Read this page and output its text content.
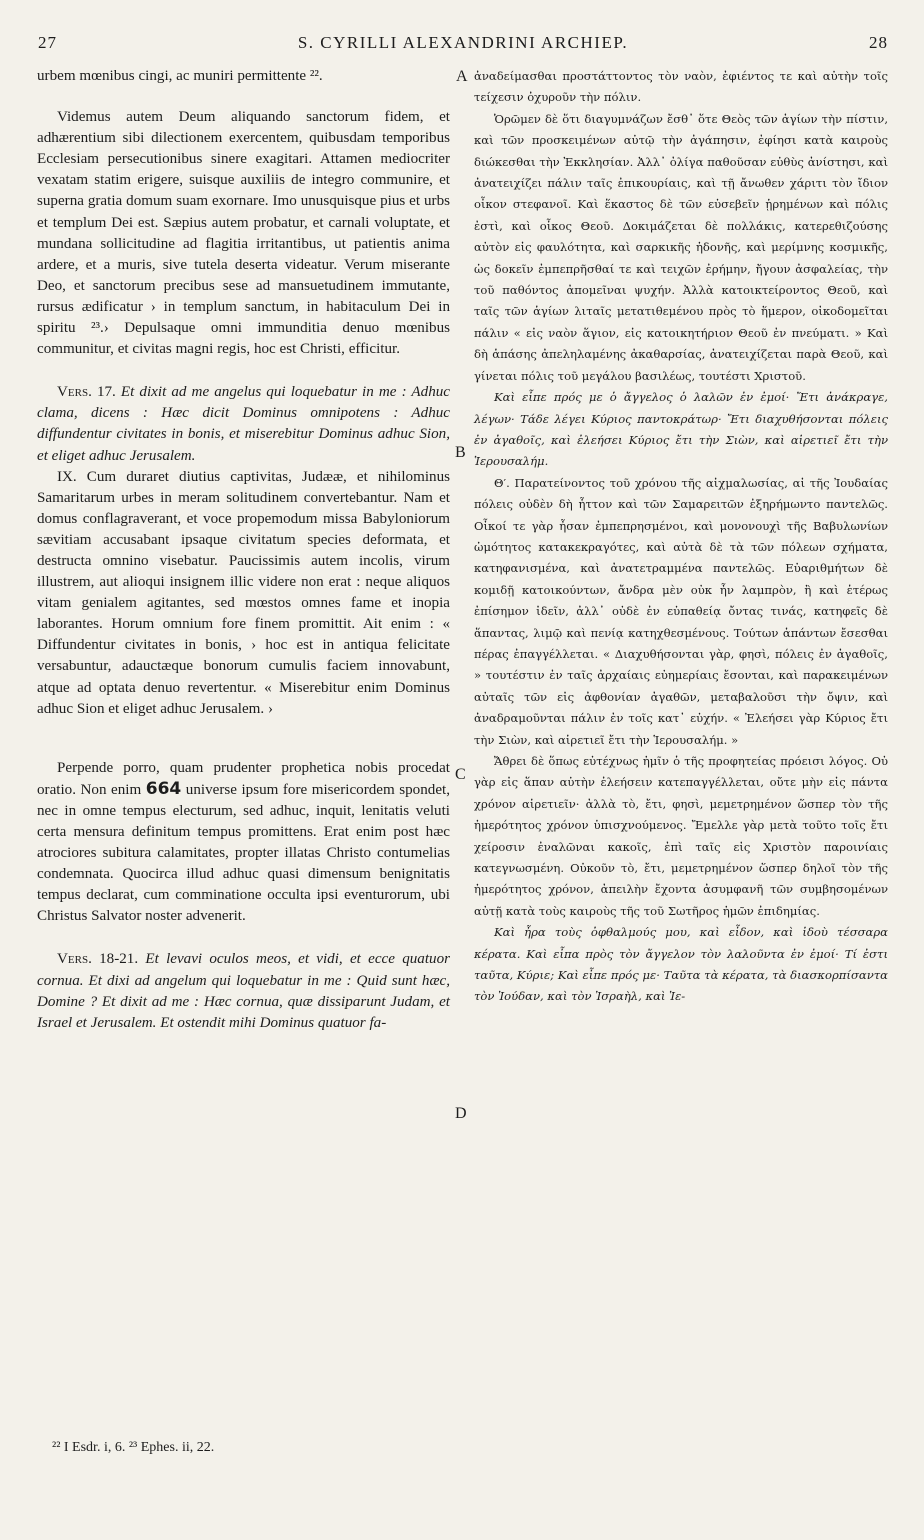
27	S. CYRILLI ALEXANDRINI ARCHIEP.	28

urbem mœnibus cingi, ac muniri permittente ²².

Videmus autem Deum aliquando sanctorum fidem, et adhærentium sibi dilectionem exercentem, quibusdam temporibus Ecclesiam persecutionibus sinere exagitari. Attamen mediocriter vexatam statim erigere, suisque auxiliis de integro communire, et superna gratia domum suam exornare. Imo unusquisque pius et urbs et templum Dei est. Sæpius autem probatur, et carnali voluptate, et mundana sollicitudine ad flagitia irritantibus, ut patientis anima ardere, et a muris, sive tutela deserta videatur. Verum miserante Deo, et sanctorum precibus sese ad mansuetudinem immutante, rursus ædificatur › in templum sanctum, in habitaculum Dei in spiritu ²³.› Depulsaque omni immunditia denuo mœnibus communitur, et civitas magni regis, hoc est Christi, efficitur.

Vers. 17. Et dixit ad me angelus qui loquebatur in me : Adhuc clama, dicens : Hæc dicit Dominus omnipotens : Adhuc diffundentur civitates in bonis, et miserebitur Dominus adhuc Sion, et eliget adhuc Jerusalem.

IX. Cum duraret diutius captivitas, Judææ, et nihilominus Samaritarum urbes in meram solitudinem convertebantur. Nam et domus conflagraverant, et voce propemodum missa Babyloniorum sævitiam accusabant ipsaque civitatum species deformata, et destructa omnino visebatur. Paucissimis autem incolis, virum illustrem, aut alioqui insignem illic videre non erat : neque aliquos vitam genialem agitantes, sed mœstos omnes fame et inopia laborantes. Horum omnium fore finem promittit. Ait enim : « Diffundentur civitates in bonis, › hoc est in antiqua felicitate versabuntur, adauctæque bonorum cumulis faciem innovabunt, atque ad optata denuo revertentur. « Miserebitur enim Dominus adhuc Sion et eliget adhuc Jerusalem. ›

Perpende porro, quam prudenter prophetica nobis procedat oratio. Non enim 664 universe ipsum fore misericordem spondet, nec in omne tempus electurum, sed adhuc, inquit, lenitatis veluti certa mensura definitum tempus promittens. Erat enim post hæc atrociores subitura calamitates, propter illatas Christo contumelias condemnata. Quocirca illud adhuc quasi dimensum benignitatis tempus declarat, cum comminatione occulta ipsi eventurorum, ubi Christus Salvator noster advenerit.

Vers. 18-21. Et levavi oculos meos, et vidi, et ecce quatuor cornua. Et dixi ad angelum qui loquebatur in me : Quid sunt hæc, Domine ? Et dixit ad me : Hæc cornua, quæ dissiparunt Judam, et Israel et Jerusalem. Et ostendit mihi Dominus quatuor fa-

ἀναδείμασθαι προστάττοντος τὸν ναὸν, ἐφιέντος τε καὶ αὐτὴν τοῖς τείχεσιν ὀχυροῦν τὴν πόλιν.

Ὁρῶμεν δὲ ὅτι διαγυμνάζων ἔσθ᾽ ὅτε Θεὸς τῶν ἁγίων τὴν πίστιν, καὶ τῶν προσκειμένων αὐτῷ τὴν ἀγάπησιν, ἐφίησι κατὰ καιροὺς διώκεσθαι τὴν Ἐκκλησίαν. Ἀλλ᾽ ὀλίγα παθοῦσαν εὐθὺς ἀνίστησι, καὶ ἀνατειχίζει πάλιν ταῖς ἐπικουρίαις, καὶ τῇ ἄνωθεν χάριτι τὸν ἴδιον οἶκον στεφανοῖ. Καὶ ἕκαστος δὲ τῶν εὐσεβεῖν ᾑρημένων καὶ πόλις ἐστὶ, καὶ οἶκος Θεοῦ. Δοκιμάζεται δὲ πολλάκις, κατερεθιζούσης αὐτὸν εἰς φαυλότητα, καὶ σαρκικῆς ἡδονῆς, καὶ μερίμνης κοσμικῆς, ὡς δοκεῖν ἐμπεπρῆσθαί τε καὶ τειχῶν ἐρήμην, ἤγουν ἀσφαλείας, τὴν τοῦ παθόντος ἀπομεῖναι ψυχήν. Ἀλλὰ κατοικτείροντος Θεοῦ, καὶ ταῖς τῶν ἁγίων λιταῖς μετατιθεμένου πρὸς τὸ ἥμερον, οἰκοδομεῖται πάλιν « εἰς ναὸν ἅγιον, εἰς κατοικητήριον Θεοῦ ἐν πνεύματι. » Καὶ δὴ ἁπάσης ἀπεληλαμένης ἀκαθαρσίας, ἀνατειχίζεται παρὰ Θεοῦ, καὶ γίνεται πόλις τοῦ μεγάλου βασιλέως, τουτέστι Χριστοῦ.

Καὶ εἶπε πρός με ὁ ἄγγελος ὁ λαλῶν ἐν ἐμοί· Ἔτι ἀνάκραγε, λέγων· Τάδε λέγει Κύριος παντοκράτωρ· Ἔτι διαχυθήσονται πόλεις ἐν ἀγαθοῖς, καὶ ἐλεήσει Κύριος ἔτι τὴν Σιὼν, καὶ αἱρετιεῖ ἔτι τὴν Ἱερουσαλήμ.

Θ′. Παρατείνοντος τοῦ χρόνου τῆς αἰχμαλωσίας, αἱ τῆς Ἰουδαίας πόλεις οὐδὲν δὴ ἧττον καὶ τῶν Σαμαρειτῶν ἐξηρήμωντο παντελῶς. Οἶκοί τε γὰρ ἦσαν ἐμπεπρησμένοι, καὶ μονονουχὶ τῆς Βαβυλωνίων ὠμότητος κατακεκραγότες, καὶ αὐτὰ δὲ τὰ τῶν πόλεων σχήματα, κατηφανισμένα, καὶ ἀνατετραμμένα παντελῶς. Εὐαριθμήτων δὲ κομιδῇ κατοικούντων, ἄνδρα μὲν οὐκ ἦν λαμπρὸν, ἢ καὶ ἑτέρως ἐπίσημον ἰδεῖν, ἀλλ᾽ οὐδὲ ἐν εὐπαθείᾳ ὄντας τινάς, κατηφεῖς δὲ ἅπαντας, λιμῷ καὶ πενίᾳ κατηχθεσμένους. Τούτων ἁπάντων ἔσεσθαι πέρας ἐπαγγέλλεται. « Διαχυθήσονται γὰρ, φησὶ, πόλεις ἐν ἀγαθοῖς, » τουτέστιν ἐν ταῖς ἀρχαίαις εὐημερίαις ἔσονται, καὶ παρακειμένων αὐταῖς τῶν εἰς ἀφθονίαν ἀγαθῶν, μεταβαλοῦσι τὴν ὄψιν, καὶ ἀναδραμοῦνται πάλιν ἐν τοῖς κατ᾽ εὐχήν. « Ἐλεήσει γὰρ Κύριος ἔτι τὴν Σιὼν, καὶ αἱρετιεῖ ἔτι τὴν Ἱερουσαλήμ. »

Ἄθρει δὲ ὅπως εὐτέχνως ἡμῖν ὁ τῆς προφητείας πρόεισι λόγος. Οὐ γὰρ εἰς ἅπαν αὐτὴν ἐλεήσειν κατεπαγγέλλεται, οὔτε μὴν εἰς πάντα χρόνον αἱρετιεῖν· ἀλλὰ τὸ, ἔτι, φησὶ, μεμετρημένον ὥσπερ τὸν τῆς ἡμερότητος χρόνον ὑπισχνούμενος. Ἔμελλε γὰρ μετὰ τοῦτο τοῖς ἔτι χείροσιν ἐναλῶναι κακοῖς, ἐπὶ ταῖς εἰς Χριστὸν παροινίαις κατεγνωσμένη. Οὐκοῦν τὸ, ἔτι, μεμετρημένον ὥσπερ δηλοῖ τὸν τῆς ἡμερότητος χρόνον, ἀπειλὴν ἔχοντα ἀσυμφανῆ τῶν συμβησομένων αὐτῇ κατὰ τοὺς καιροὺς τῆς τοῦ Σωτῆρος ἡμῶν ἐπιδημίας.

Καὶ ἦρα τοὺς ὀφθαλμούς μου, καὶ εἶδον, καὶ ἰδοὺ τέσσαρα κέρατα. Καὶ εἶπα πρὸς τὸν ἄγγελον τὸν λαλοῦντα ἐν ἐμοί· Τί ἐστι ταῦτα, Κύριε; Καὶ εἶπε πρός με· Ταῦτα τὰ κέρατα, τὰ διασκορπίσαντα τὸν Ἰούδαν, καὶ τὸν Ἰσραὴλ, καὶ Ἱε-

A
B
C
D
²² I Esdr. i, 6. ²³ Ephes. ii, 22.
